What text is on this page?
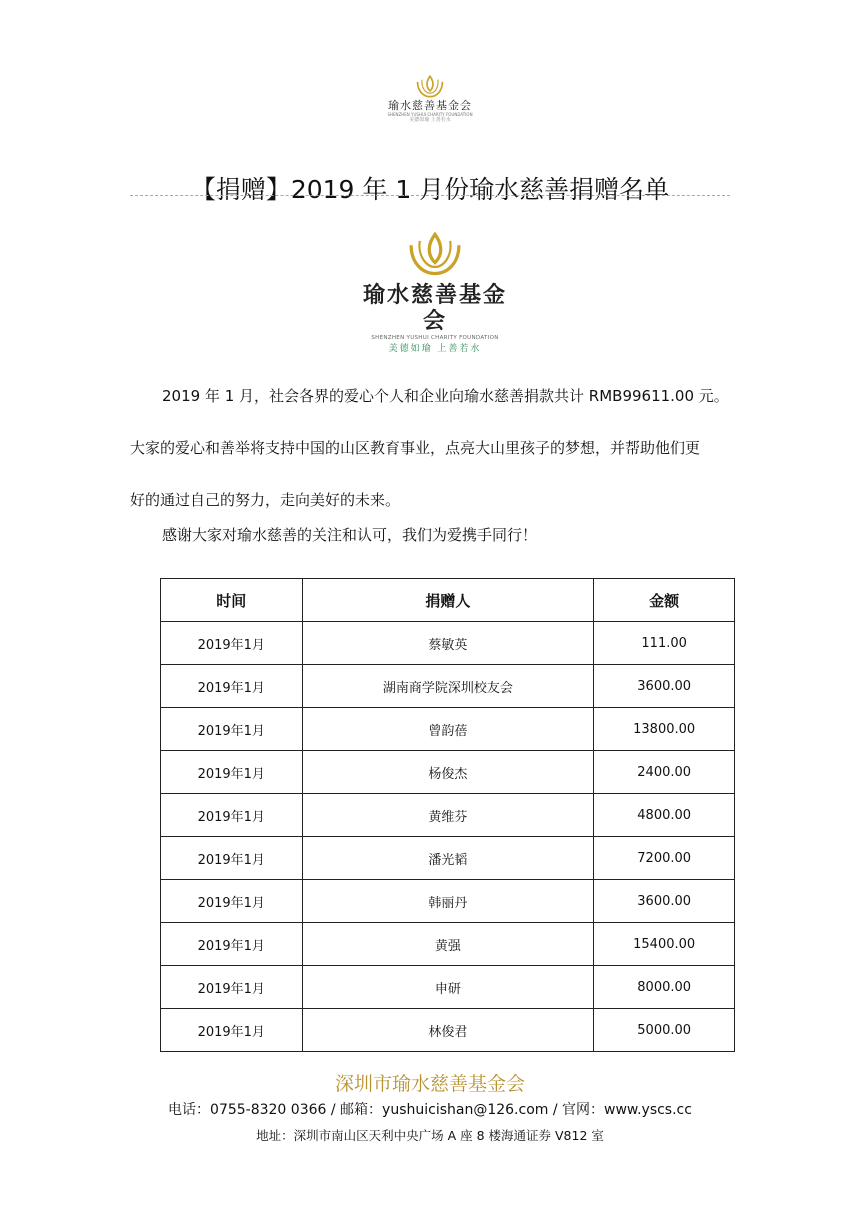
瑜水慈善基金会
SHENZHEN YUSHUI CHARITY FOUNDATION
美德如瑜 上善若水
【捐赠】2019 年 1 月份瑜水慈善捐赠名单
瑜水慈善基金会
SHENZHEN YUSHUI CHARITY FOUNDATION
美德如瑜 上善若水

2019 年 1 月，社会各界的爱心个人和企业向瑜水慈善捐款共计 RMB99611.00 元。
大家的爱心和善举将支持中国的山区教育事业，点亮大山里孩子的梦想，并帮助他们更
好的通过自己的努力，走向美好的未来。

感谢大家对瑜水慈善的关注和认可，我们为爱携手同行！

时间	捐赠人	金额
2019年1月	蔡敏英	111.00
2019年1月	湖南商学院深圳校友会	3600.00
2019年1月	曾韵蓓	13800.00
2019年1月	杨俊杰	2400.00
2019年1月	黄维芬	4800.00
2019年1月	潘光韬	7200.00
2019年1月	韩丽丹	3600.00
2019年1月	黄强	15400.00
2019年1月	申研	8000.00
2019年1月	林俊君	5000.00
深圳市瑜水慈善基金会
电话：0755-8320 0366 / 邮箱：yushuicishan@126.com / 官网：www.yscs.cc
地址：深圳市南山区天利中央广场 A 座 8 楼海通证券 V812 室
